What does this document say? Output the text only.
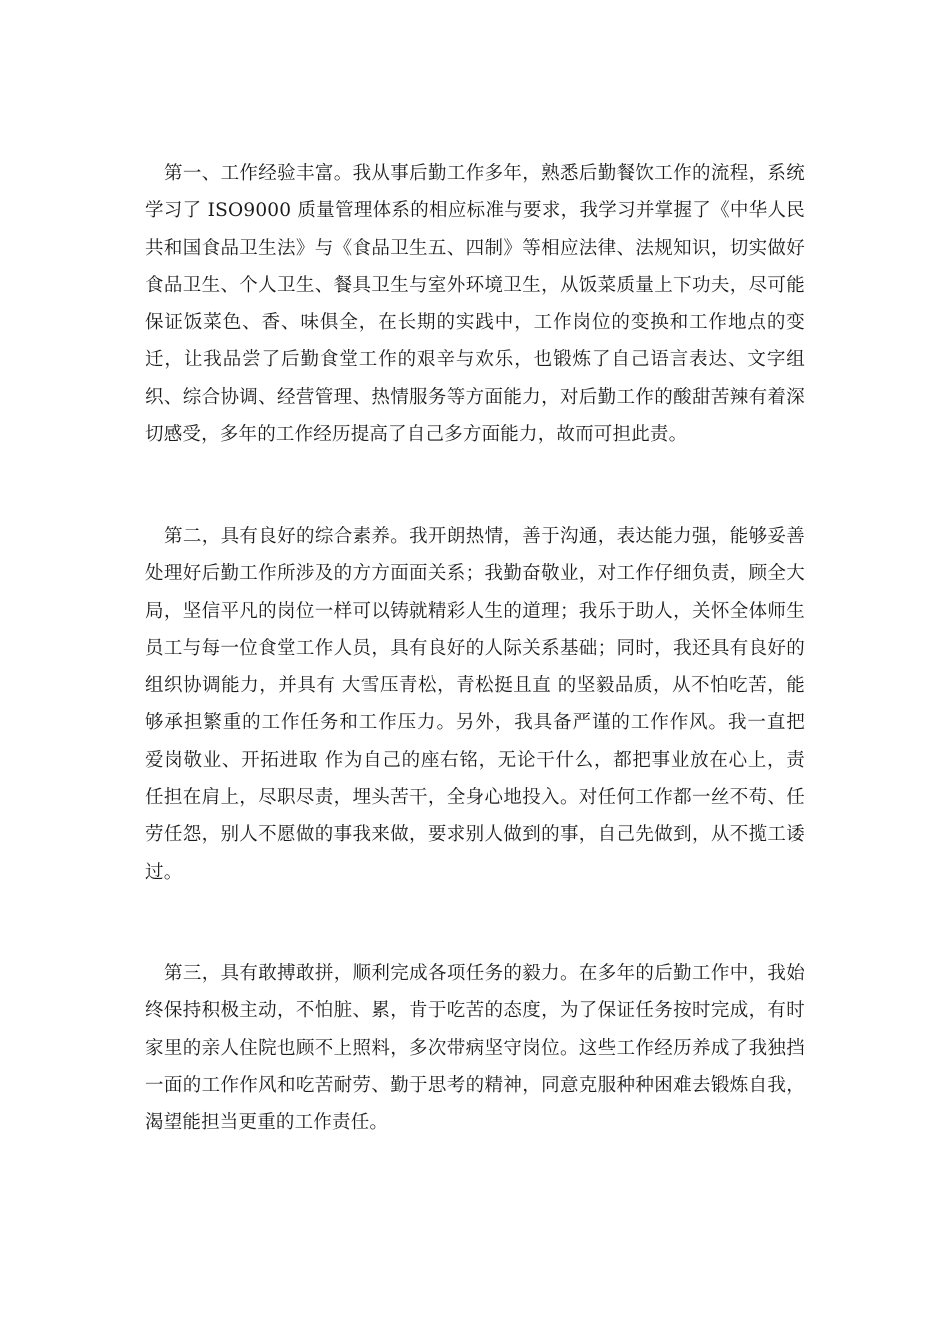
第一、工作经验丰富。我从事后勤工作多年，熟悉后勤餐饮工作的流程，系统学习了 ISO9000 质量管理体系的相应标准与要求，我学习并掌握了《中华人民共和国食品卫生法》与《食品卫生五、四制》等相应法律、法规知识，切实做好食品卫生、个人卫生、餐具卫生与室外环境卫生，从饭菜质量上下功夫，尽可能保证饭菜色、香、味俱全，在长期的实践中，工作岗位的变换和工作地点的变迁，让我品尝了后勤食堂工作的艰辛与欢乐，也锻炼了自己语言表达、文字组织、综合协调、经营管理、热情服务等方面能力，对后勤工作的酸甜苦辣有着深切感受，多年的工作经历提高了自己多方面能力，故而可担此责。

第二，具有良好的综合素养。我开朗热情，善于沟通，表达能力强，能够妥善处理好后勤工作所涉及的方方面面关系；我勤奋敬业，对工作仔细负责，顾全大局，坚信平凡的岗位一样可以铸就精彩人生的道理；我乐于助人，关怀全体师生员工与每一位食堂工作人员，具有良好的人际关系基础；同时，我还具有良好的组织协调能力，并具有 大雪压青松，青松挺且直 的坚毅品质，从不怕吃苦，能够承担繁重的工作任务和工作压力。另外，我具备严谨的工作作风。我一直把 爱岗敬业、开拓进取 作为自己的座右铭，无论干什么，都把事业放在心上，责任担在肩上，尽职尽责，埋头苦干，全身心地投入。对任何工作都一丝不苟、任劳任怨，别人不愿做的事我来做，要求别人做到的事，自己先做到，从不揽工诿过。

第三，具有敢搏敢拼，顺利完成各项任务的毅力。在多年的后勤工作中，我始终保持积极主动，不怕脏、累，肯于吃苦的态度，为了保证任务按时完成，有时家里的亲人住院也顾不上照料，多次带病坚守岗位。这些工作经历养成了我独挡一面的工作作风和吃苦耐劳、勤于思考的精神，同意克服种种困难去锻炼自我，渴望能担当更重的工作责任。
